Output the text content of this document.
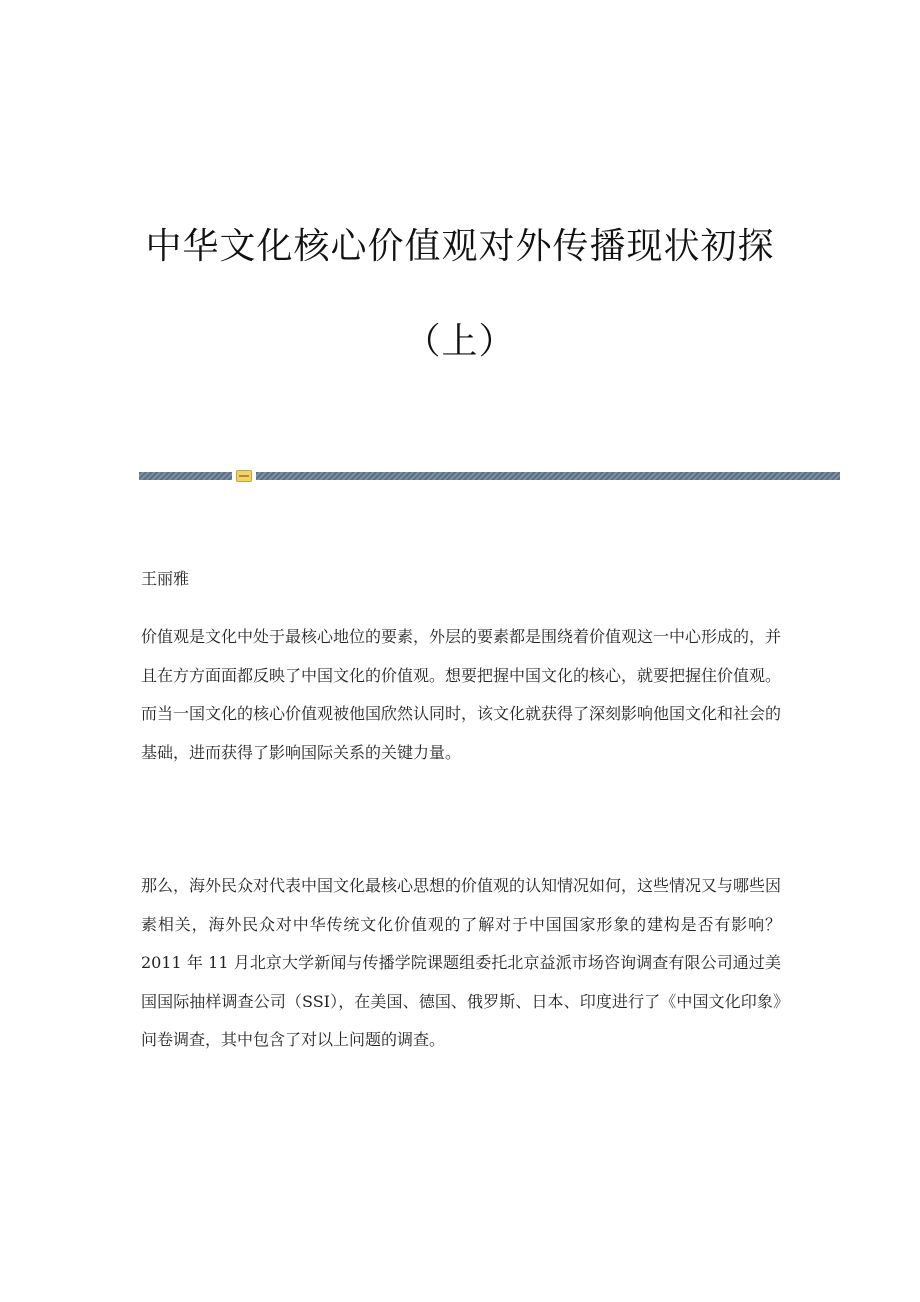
中华文化核心价值观对外传播现状初探
（上）
王丽雅

价值观是文化中处于最核心地位的要素，外层的要素都是围绕着价值观这一中心形成的，并且在方方面面都反映了中国文化的价值观。想要把握中国文化的核心，就要把握住价值观。而当一国文化的核心价值观被他国欣然认同时，该文化就获得了深刻影响他国文化和社会的基础，进而获得了影响国际关系的关键力量。

那么，海外民众对代表中国文化最核心思想的价值观的认知情况如何，这些情况又与哪些因素相关，海外民众对中华传统文化价值观的了解对于中国国家形象的建构是否有影响？2011 年 11 月北京大学新闻与传播学院课题组委托北京益派市场咨询调查有限公司通过美国国际抽样调查公司（SSI），在美国、德国、俄罗斯、日本、印度进行了《中国文化印象》问卷调查，其中包含了对以上问题的调查。
